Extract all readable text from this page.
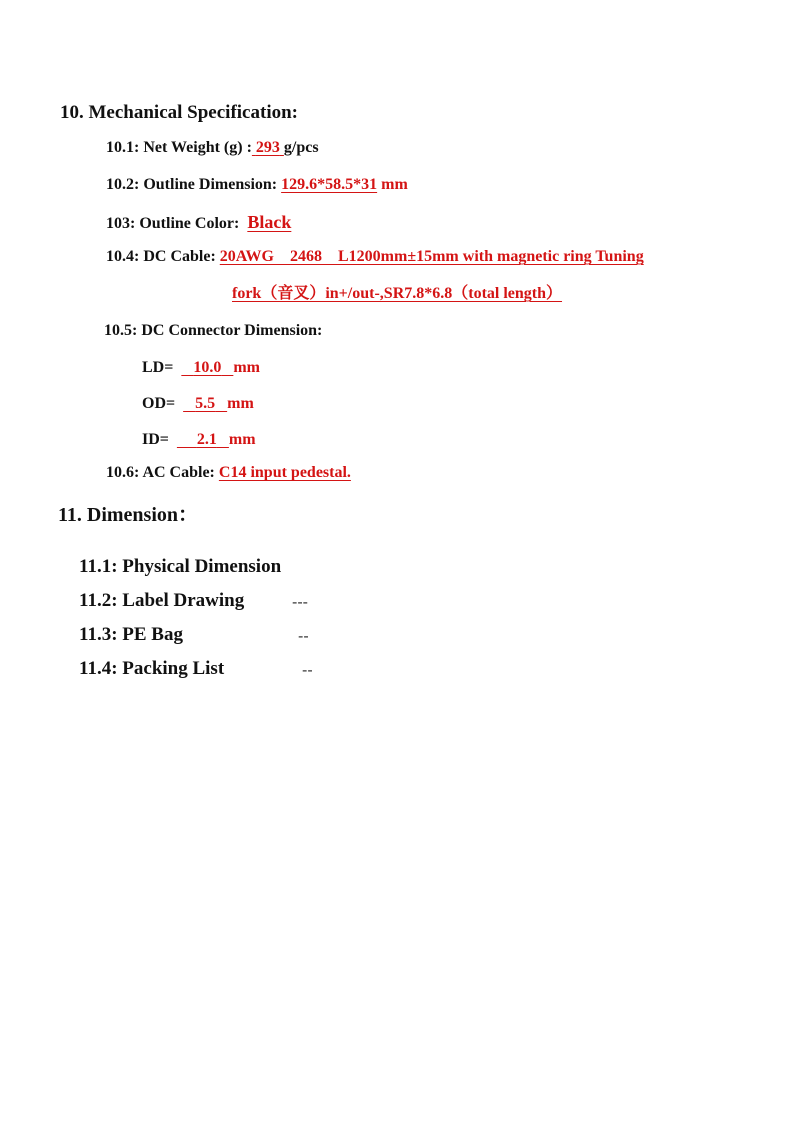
10. Mechanical Specification:
10.1: Net Weight (g) : 293 g/pcs
10.2: Outline Dimension: 129.6*58.5*31 mm
103: Outline Color: Black
10.4: DC Cable: 20AWG    2468    L1200mm±15mm with magnetic ring Tuning
fork（音叉）in+/out-,SR7.8*6.8（total length）
10.5: DC Connector Dimension:
LD= 10.0 mm
OD= 5.5 mm
ID= 2.1 mm
10.6: AC Cable: C14 input pedestal.
11. Dimension：
11.1: Physical Dimension
11.2: Label Drawing	---
11.3: PE Bag	--
11.4: Packing List	--
